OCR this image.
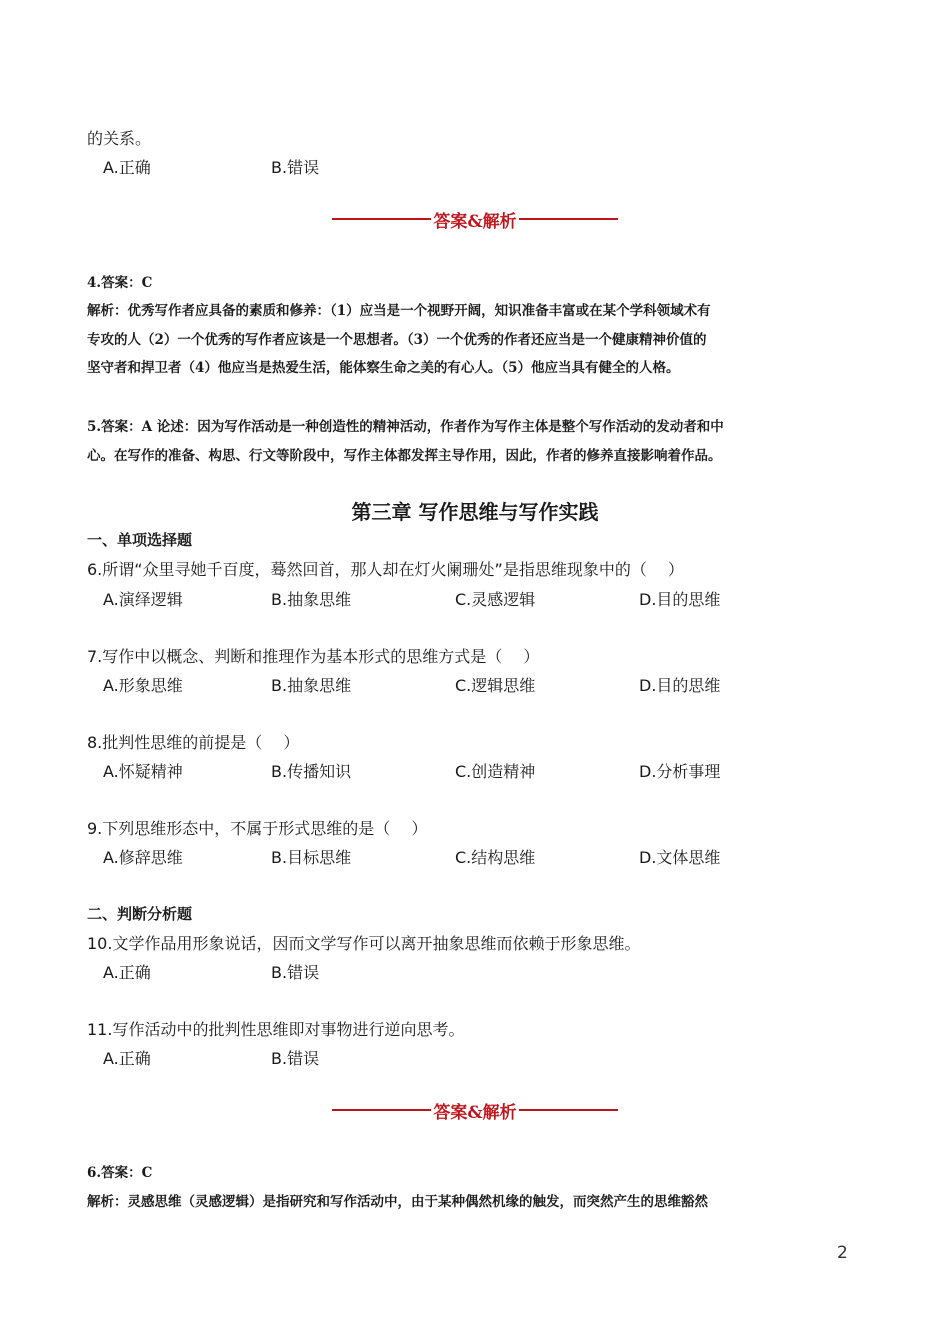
的关系。
A.正确	B.错误
答案&解析
4.答案：C
解析：优秀写作者应具备的素质和修养：（1）应当是一个视野开阔，知识准备丰富或在某个学科领域术有
专攻的人（2）一个优秀的写作者应该是一个思想者。（3）一个优秀的作者还应当是一个健康精神价值的
坚守者和捍卫者（4）他应当是热爱生活，能体察生命之美的有心人。（5）他应当具有健全的人格。
5.答案：A 论述：因为写作活动是一种创造性的精神活动，作者作为写作主体是整个写作活动的发动者和中
心。在写作的准备、构思、行文等阶段中，写作主体都发挥主导作用，因此，作者的修养直接影响着作品。
第三章 写作思维与写作实践
一、单项选择题
6.所谓“众里寻她千百度，蓦然回首，那人却在灯火阑珊处”是指思维现象中的（　 ）
A.演绎逻辑	B.抽象思维	C.灵感逻辑	D.目的思维
7.写作中以概念、判断和推理作为基本形式的思维方式是（　 ）
A.形象思维	B.抽象思维	C.逻辑思维	D.目的思维
8.批判性思维的前提是（　 ）
A.怀疑精神	B.传播知识	C.创造精神	D.分析事理
9.下列思维形态中，不属于形式思维的是（　 ）
A.修辞思维	B.目标思维	C.结构思维	D.文体思维
二、判断分析题
10.文学作品用形象说话，因而文学写作可以离开抽象思维而依赖于形象思维。
A.正确	B.错误
11.写作活动中的批判性思维即对事物进行逆向思考。
A.正确	B.错误
答案&解析
6.答案：C
解析：灵感思维（灵感逻辑）是指研究和写作活动中，由于某种偶然机缘的触发，而突然产生的思维豁然
2
